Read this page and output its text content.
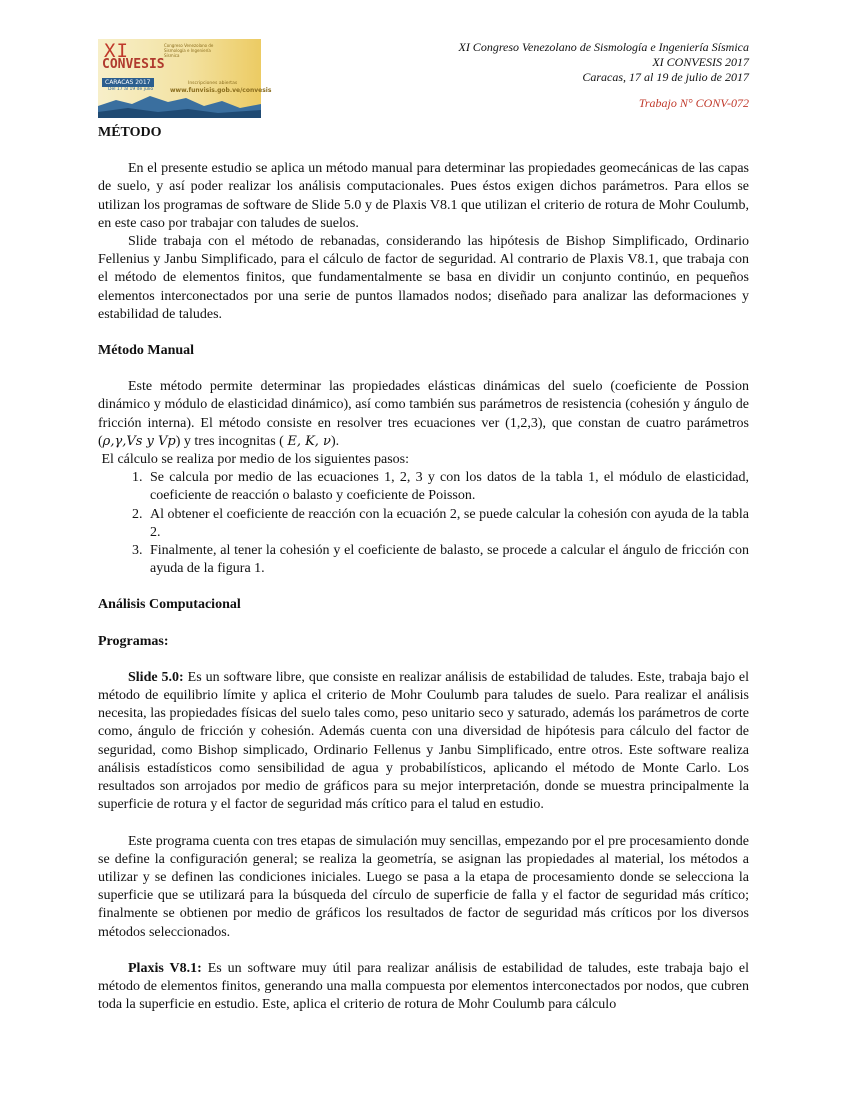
XI
CONVESIS
Congreso Venezolano de Sismología e Ingeniería Sísmica
CARACAS 2017
Del 17 al 19 de julio
Inscripciones abiertas
www.funvisis.gob.ve/convesis
XI Congreso Venezolano de Sismología e Ingeniería Sísmica
XI CONVESIS 2017
Caracas, 17 al 19 de julio de 2017
Trabajo N° CONV-072
MÉTODO

En el presente estudio se aplica un método manual para determinar las propiedades geomecánicas de las capas de suelo, y así poder realizar los análisis computacionales. Pues éstos exigen dichos parámetros. Para ellos se utilizan los programas de software de Slide 5.0 y de Plaxis V8.1 que utilizan el criterio de rotura de Mohr Coulumb, en este caso por trabajar con taludes de suelos.

Slide trabaja con el método de rebanadas, considerando las hipótesis de Bishop Simplificado, Ordinario Fellenius y Janbu Simplificado, para el cálculo de factor de seguridad. Al contrario de Plaxis V8.1, que trabaja con el método de elementos finitos, que fundamentalmente se basa en dividir un conjunto continúo, en pequeños elementos interconectados por una serie de puntos llamados nodos; diseñado para analizar las deformaciones y estabilidad de taludes.

Método Manual

Este método permite determinar las propiedades elásticas dinámicas del suelo (coeficiente de Possion dinámico y módulo de elasticidad dinámico), así como también sus parámetros de resistencia (cohesión y ángulo de fricción interna). El método consiste en resolver tres ecuaciones ver (1,2,3), que constan de cuatro parámetros (ρ,γ,Vs y Vp) y tres incognitas ( E, K, ν).

El cálculo se realiza por medio de los siguientes pasos:

1. Se calcula por medio de las ecuaciones 1, 2, 3 y con los datos de la tabla 1, el módulo de elasticidad, coeficiente de reacción o balasto y coeficiente de Poisson.
2. Al obtener el coeficiente de reacción con la ecuación 2, se puede calcular la cohesión con ayuda de la tabla 2.
3. Finalmente, al tener la cohesión y el coeficiente de balasto, se procede a calcular el ángulo de fricción con ayuda de la figura 1.
Análisis Computacional
Programas:

Slide 5.0: Es un software libre, que consiste en realizar análisis de estabilidad de taludes. Este, trabaja bajo el método de equilibrio límite y aplica el criterio de Mohr Coulumb para taludes de suelo. Para realizar el análisis necesita, las propiedades físicas del suelo tales como, peso unitario seco y saturado, además los parámetros de corte como, ángulo de fricción y cohesión. Además cuenta con una diversidad de hipótesis para cálculo del factor de seguridad, como Bishop simplicado, Ordinario Fellenus y Janbu Simplificado, entre otros. Este software realiza análisis estadísticos como sensibilidad de agua y probabilísticos, aplicando el método de Monte Carlo. Los resultados son arrojados por medio de gráficos para su mejor interpretación, donde se muestra principalmente la superficie de rotura y el factor de seguridad más crítico para el talud en estudio.

Este programa cuenta con tres etapas de simulación muy sencillas, empezando por el pre procesamiento donde se define la configuración general; se realiza la geometría, se asignan las propiedades al material, los métodos a utilizar y se definen las condiciones iniciales. Luego se pasa a la etapa de procesamiento donde se selecciona la superficie que se utilizará para la búsqueda del círculo de superficie de falla y el factor de seguridad más crítico; finalmente se obtienen por medio de gráficos los resultados de factor de seguridad más críticos por los diversos métodos seleccionados.

Plaxis V8.1: Es un software muy útil para realizar análisis de estabilidad de taludes, este trabaja bajo el método de elementos finitos, generando una malla compuesta por elementos interconectados por nodos, que cubren toda la superficie en estudio. Este, aplica el criterio de rotura de Mohr Coulumb para cálculo
